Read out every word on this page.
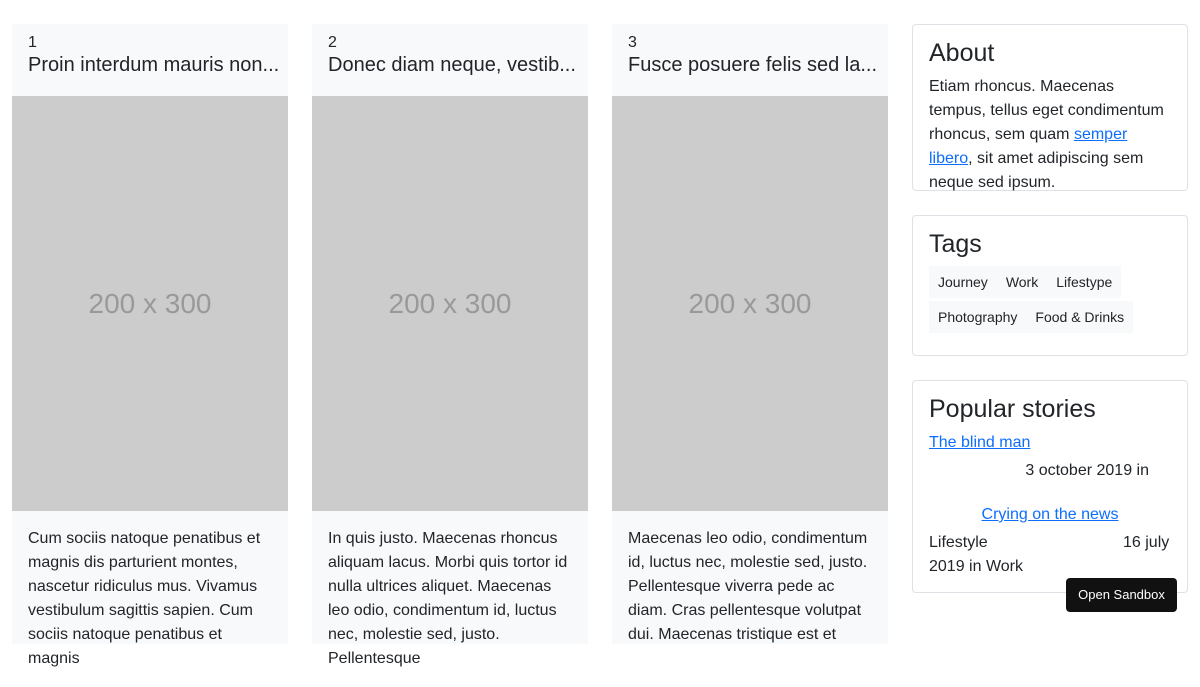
1
Proin interdum mauris non...
200 x 300
Cum sociis natoque penatibus et magnis dis parturient montes, nascetur ridiculus mus. Vivamus vestibulum sagittis sapien. Cum sociis natoque penatibus et magnis
2
Donec diam neque, vestib...
200 x 300
In quis justo. Maecenas rhoncus aliquam lacus. Morbi quis tortor id nulla ultrices aliquet. Maecenas leo odio, condimentum id, luctus nec, molestie sed, justo. Pellentesque
3
Fusce posuere felis sed la...
200 x 300
Maecenas leo odio, condimentum id, luctus nec, molestie sed, justo. Pellentesque viverra pede ac diam. Cras pellentesque volutpat dui. Maecenas tristique est et
About
Etiam rhoncus. Maecenas tempus, tellus eget condimentum rhoncus, sem quam semper libero, sit amet adipiscing sem neque sed ipsum.
Tags
Journey	Work	Lifestype
Photography	Food & Drinks
Popular stories
The blind man
3 october 2019 in
Crying on the news
Lifestyle	16 july 2019 in Work
Open Sandbox
